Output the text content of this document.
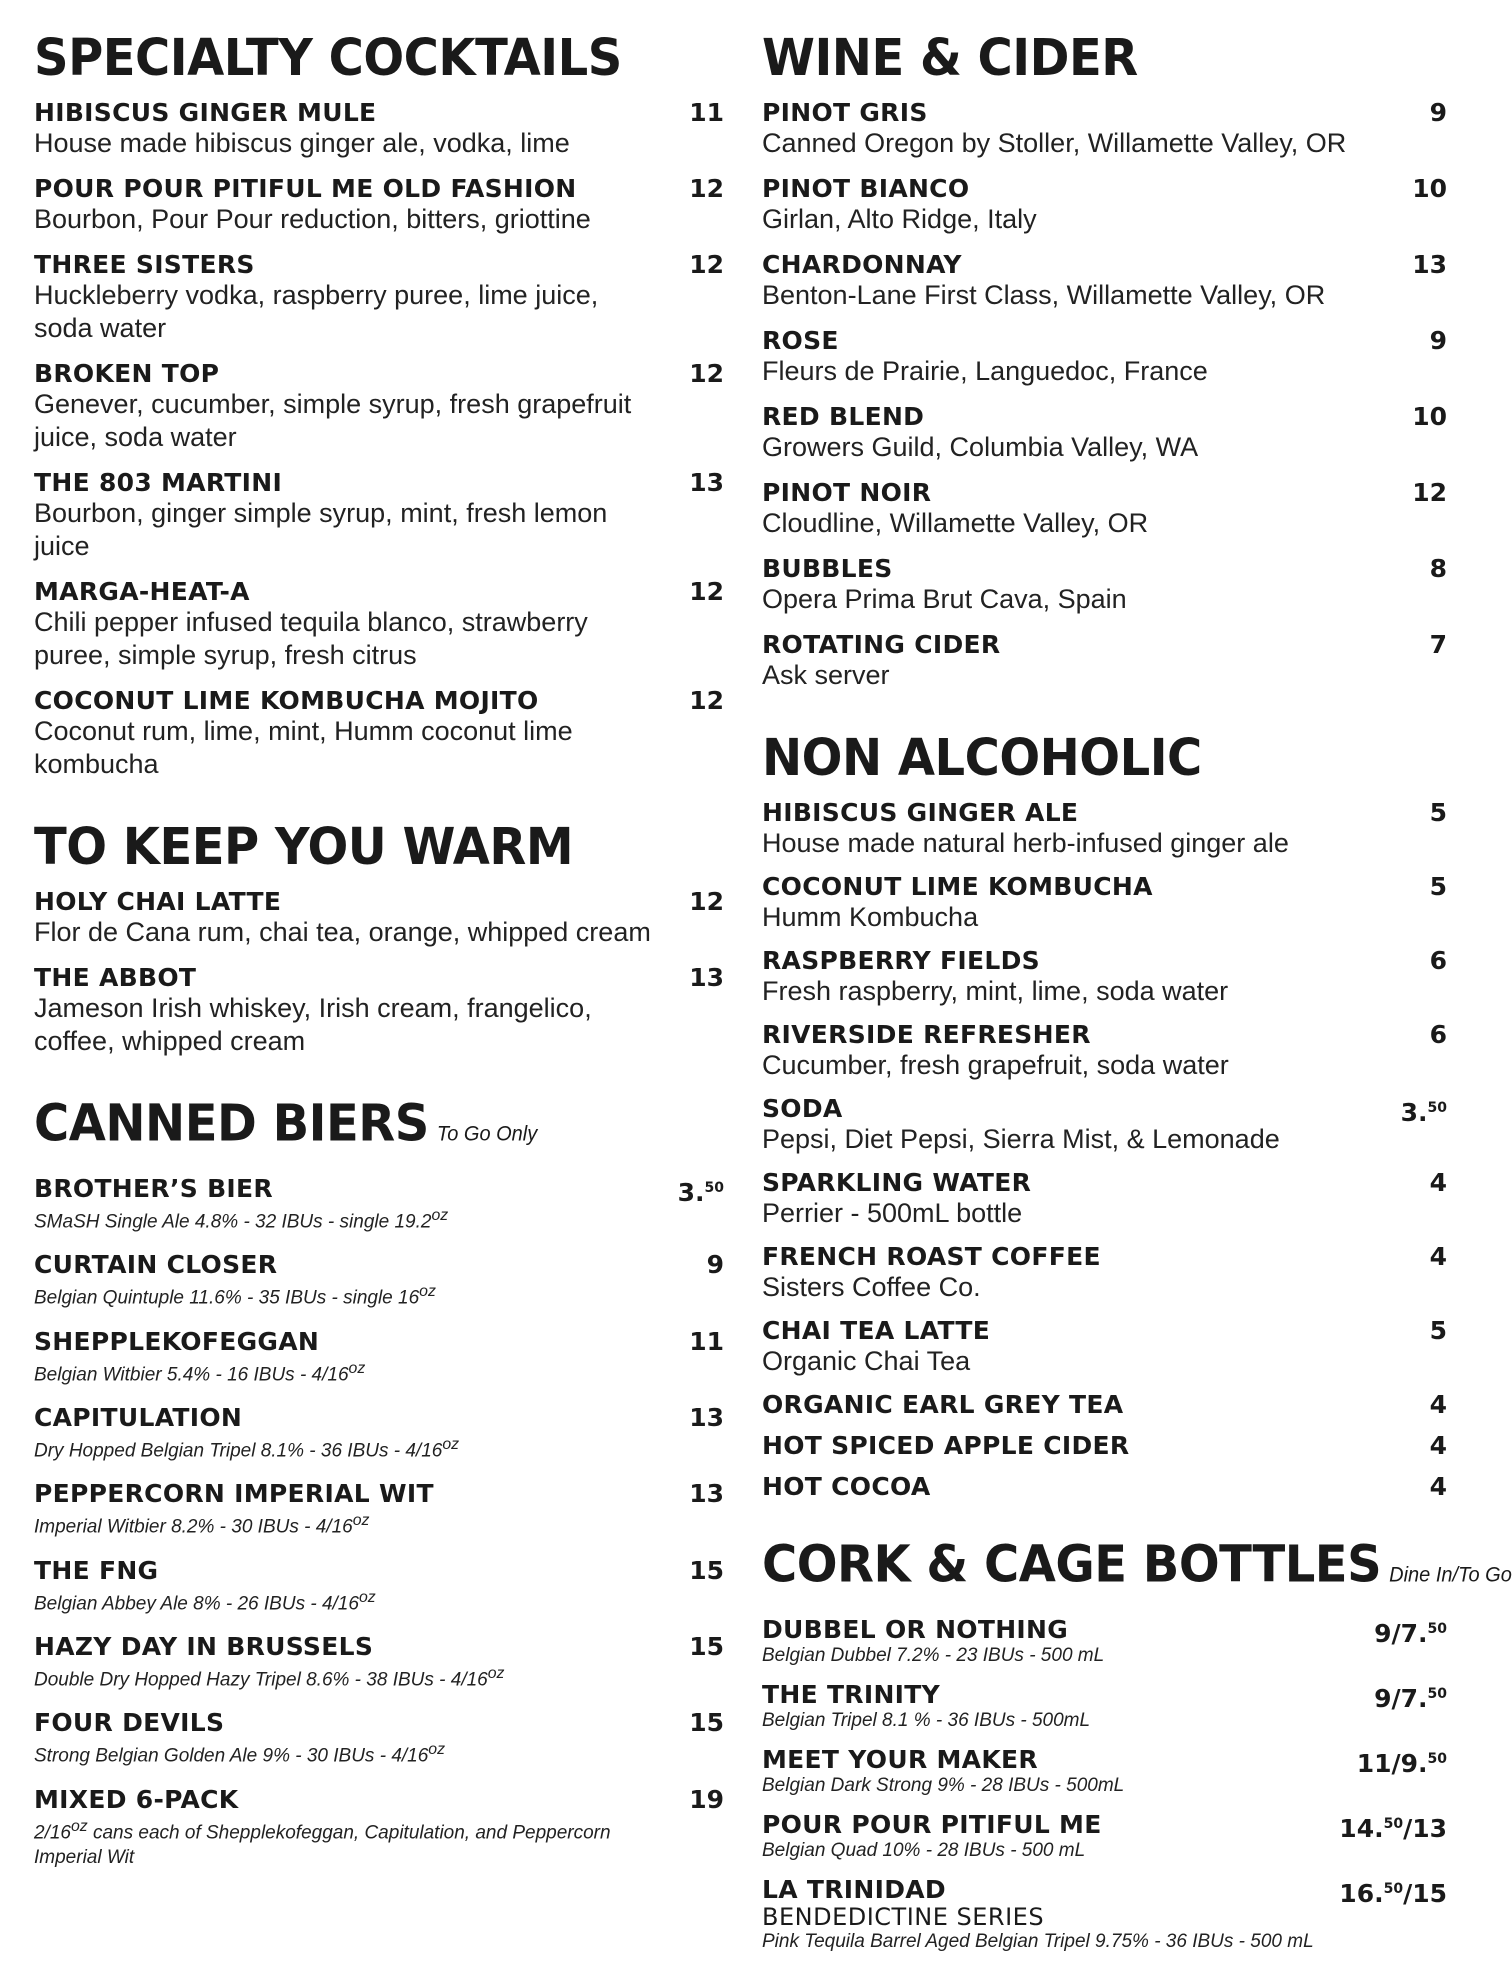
SPECIALTY COCKTAILS
HIBISCUS GINGER MULE	11
House made hibiscus ginger ale, vodka, lime
POUR POUR PITIFUL ME OLD FASHION	12
Bourbon, Pour Pour reduction, bitters, griottine
THREE SISTERS	12
Huckleberry vodka, raspberry puree, lime juice, soda water
BROKEN TOP	12
Genever, cucumber, simple syrup, fresh grapefruit juice, soda water
THE 803 MARTINI	13
Bourbon, ginger simple syrup, mint, fresh lemon juice
MARGA-HEAT-A	12
Chili pepper infused tequila blanco, strawberry puree, simple syrup, fresh citrus
COCONUT LIME KOMBUCHA MOJITO	12
Coconut rum, lime, mint, Humm coconut lime kombucha
TO KEEP YOU WARM
HOLY CHAI LATTE	12
Flor de Cana rum, chai tea, orange, whipped cream
THE ABBOT	13
Jameson Irish whiskey, Irish cream, frangelico, coffee, whipped cream
CANNED BIERS To Go Only
BROTHER’S BIER	3.50
SMaSH Single Ale 4.8% - 32 IBUs - single $19.2^{oz}$
CURTAIN CLOSER	9
Belgian Quintuple 11.6% - 35 IBUs - single $16^{oz}$
SHEPPLEKOFEGGAN	11
Belgian Witbier 5.4% - 16 IBUs - $4/16^{oz}$
CAPITULATION	13
Dry Hopped Belgian Tripel 8.1% - 36 IBUs - $4/16^{oz}$
PEPPERCORN IMPERIAL WIT	13
Imperial Witbier 8.2% - 30 IBUs - $4/16^{oz}$
THE FNG	15
Belgian Abbey Ale 8% - 26 IBUs - $4/16^{oz}$
HAZY DAY IN BRUSSELS	15
Double Dry Hopped Hazy Tripel 8.6% - 38 IBUs - $4/16^{oz}$
FOUR DEVILS	15
Strong Belgian Golden Ale 9% - 30 IBUs - $4/16^{oz}$
MIXED 6-PACK	19
$2/16^{oz}$ cans each of Shepplekofeggan, Capitulation, and Peppercorn Imperial Wit
WINE & CIDER
PINOT GRIS	9
Canned Oregon by Stoller, Willamette Valley, OR
PINOT BIANCO	10
Girlan, Alto Ridge, Italy
CHARDONNAY	13
Benton-Lane First Class, Willamette Valley, OR
ROSE	9
Fleurs de Prairie, Languedoc, France
RED BLEND	10
Growers Guild, Columbia Valley, WA
PINOT NOIR	12
Cloudline, Willamette Valley, OR
BUBBLES	8
Opera Prima Brut Cava, Spain
ROTATING CIDER	7
Ask server
NON ALCOHOLIC
HIBISCUS GINGER ALE	5
House made natural herb-infused ginger ale
COCONUT LIME KOMBUCHA	5
Humm Kombucha
RASPBERRY FIELDS	6
Fresh raspberry, mint, lime, soda water
RIVERSIDE REFRESHER	6
Cucumber, fresh grapefruit, soda water
SODA	3.50
Pepsi, Diet Pepsi, Sierra Mist, & Lemonade
SPARKLING WATER	4
Perrier - 500mL bottle
FRENCH ROAST COFFEE	4
Sisters Coffee Co.
CHAI TEA LATTE	5
Organic Chai Tea
ORGANIC EARL GREY TEA	4
HOT SPICED APPLE CIDER	4
HOT COCOA	4
CORK & CAGE BOTTLES Dine In/To Go
DUBBEL OR NOTHING	9/7.50
Belgian Dubbel 7.2% - 23 IBUs - 500 mL
THE TRINITY	9/7.50
Belgian Tripel 8.1 % - 36 IBUs - 500mL
MEET YOUR MAKER	11/9.50
Belgian Dark Strong 9% - 28 IBUs - 500mL
POUR POUR PITIFUL ME	14.50/13
Belgian Quad 10% - 28 IBUs - 500 mL
LA TRINIDAD	16.50/15
BENDEDICTINE SERIES
Pink Tequila Barrel Aged Belgian Tripel 9.75% - 36 IBUs - 500 mL
